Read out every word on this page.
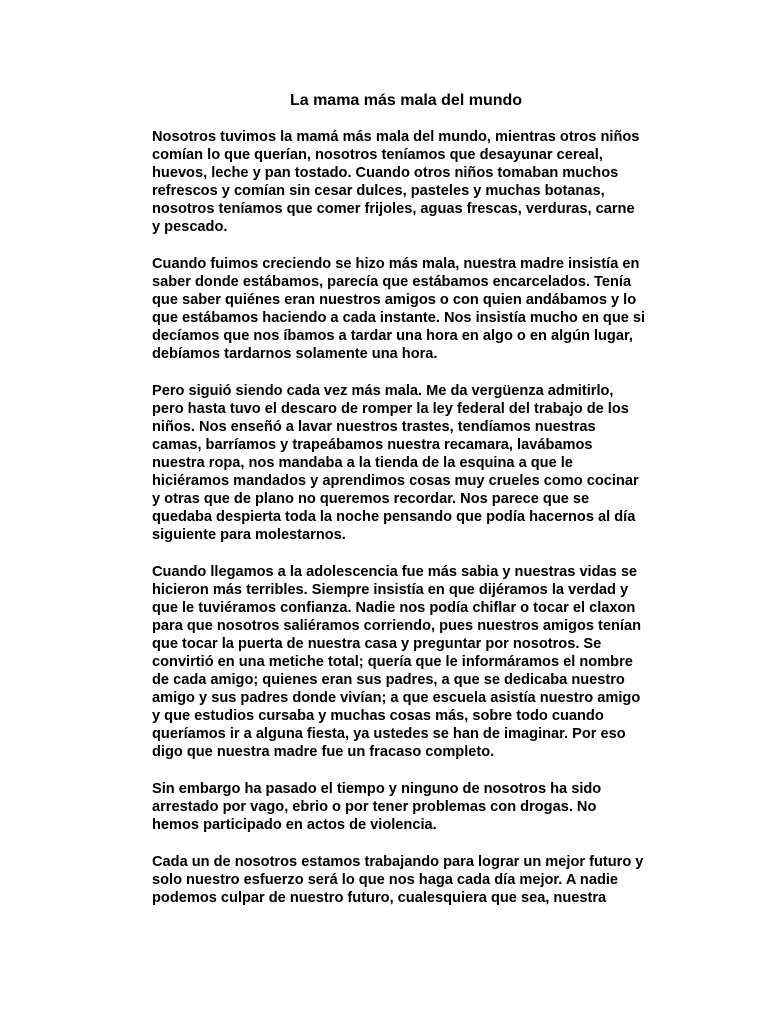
La mama más mala del mundo

Nosotros tuvimos la mamá más mala del mundo, mientras otros niños
comían lo que querían, nosotros teníamos que desayunar cereal,
huevos, leche y pan tostado. Cuando otros niños tomaban muchos
refrescos y comían sin cesar dulces, pasteles y muchas botanas,
nosotros teníamos que comer frijoles, aguas frescas, verduras, carne
y pescado.

Cuando fuimos creciendo se hizo más mala, nuestra madre insistía en
saber donde estábamos, parecía que estábamos encarcelados. Tenía
que saber quiénes eran nuestros amigos o con quien andábamos y lo
que estábamos haciendo a cada instante. Nos insistía mucho en que si
decíamos que nos íbamos a tardar una hora en algo o en algún lugar,
debíamos tardarnos solamente una hora.

Pero siguió siendo cada vez más mala. Me da vergüenza admitirlo,
pero hasta tuvo el descaro de romper la ley federal del trabajo de los
niños. Nos enseñó a lavar nuestros trastes, tendíamos nuestras
camas, barríamos y trapeábamos nuestra recamara, lavábamos
nuestra ropa, nos mandaba a la tienda de la esquina a que le
hiciéramos mandados y aprendimos cosas muy crueles como cocinar
y otras que de plano no queremos recordar. Nos parece que se
quedaba despierta toda la noche pensando que podía hacernos al día
siguiente para molestarnos.

Cuando llegamos a la adolescencia fue más sabia y nuestras vidas se
hicieron más terribles. Siempre insistía en que dijéramos la verdad y
que le tuviéramos confianza. Nadie nos podía chiflar o tocar el claxon
para que nosotros saliéramos corriendo, pues nuestros amigos tenían
que tocar la puerta de nuestra casa y preguntar por nosotros. Se
convirtió en una metiche total; quería que le informáramos el nombre
de cada amigo; quienes eran sus padres, a que se dedicaba nuestro
amigo y sus padres donde vivían; a que escuela asistía nuestro amigo
y que estudios cursaba y muchas cosas más, sobre todo cuando
queríamos ir a alguna fiesta, ya ustedes se han de imaginar. Por eso
digo que nuestra madre fue un fracaso completo.

Sin embargo ha pasado el tiempo y ninguno de nosotros ha sido
arrestado por vago, ebrio o por tener problemas con drogas. No
hemos participado en actos de violencia.

Cada un de nosotros estamos trabajando para lograr un mejor futuro y
solo nuestro esfuerzo será lo que nos haga cada día mejor. A nadie
podemos culpar de nuestro futuro, cualesquiera que sea, nuestra
